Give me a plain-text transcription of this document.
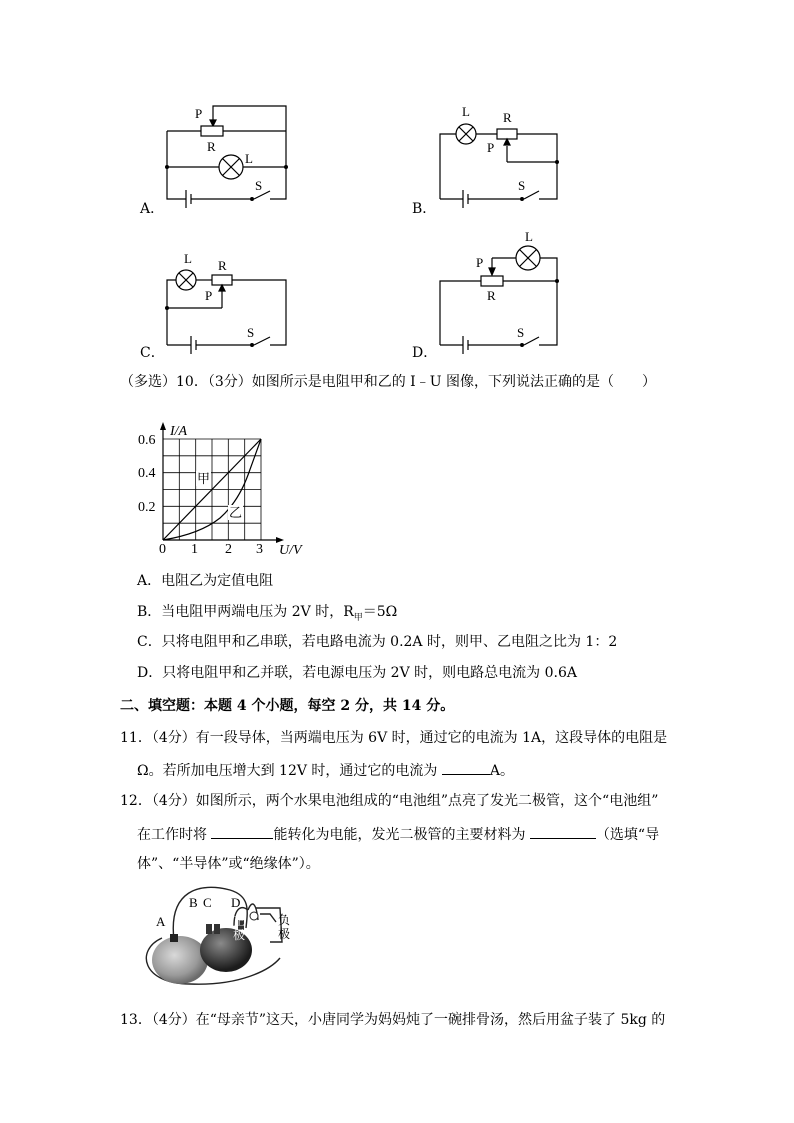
A．
P
R
L
S
B．
L	R
P
S
C．
L R
P
S
D．
P
L
R
S
（多选）10．（3分）如图所示是电阻甲和乙的 I﹣U 图像，下列说法正确的是（　　）
I/A
U/V
0.6
0.4
0.2
0 1 2 3
甲
乙
A．电阻乙为定值电阻
B．当电阻甲两端电压为 2V 时，$R_甲=5\Omega$
C．只将电阻甲和乙串联，若电路电流为 0.2A 时，则甲、乙电阻之比为 1：2
D．只将电阻甲和乙并联，若电源电压为 2V 时，则电路总电流为 0.6A
二、填空题：本题 4 个小题，每空 2 分，共 14 分。
11．（4分）有一段导体，当两端电压为 6V 时，通过它的电流为 1A，这段导体的电阻是
Ω。若所加电压增大到 12V 时，通过它的电流为	A。
12．（4分）如图所示，两个水果电池组成的“电池组”点亮了发光二极管，这个“电池组”
在工作时将	能转化为电能，发光二极管的主要材料为	（选填“导
体”、“半导体”或“绝缘体”）。
A
B C D
正
极
负
极
13．（4分）在“母亲节”这天，小唐同学为妈妈炖了一碗排骨汤，然后用盆子装了 5kg 的
